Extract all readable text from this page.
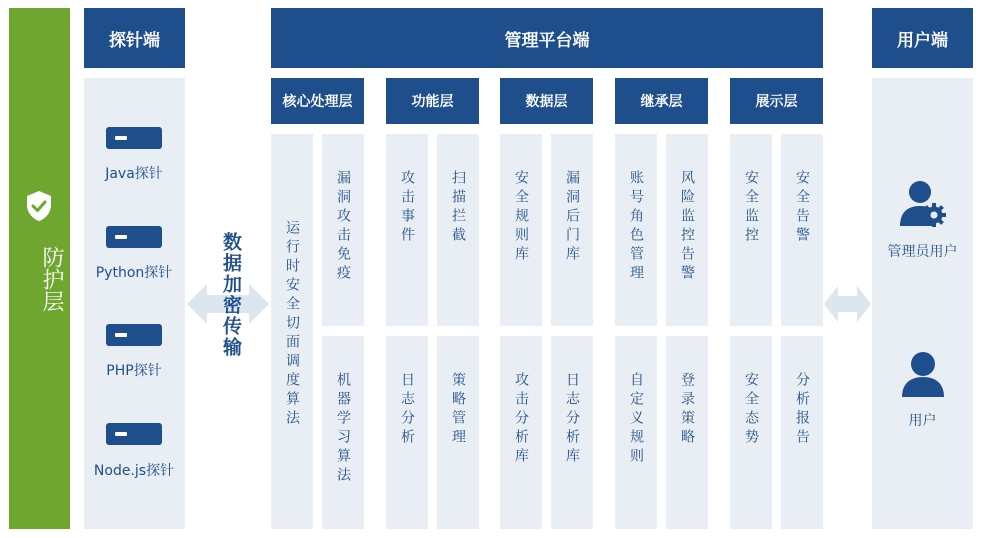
防护层
探针端
Java探针
Python探针
PHP探针
Node.js探针
数据加密传输
管理平台端
核心处理层
运行时安全切面调度算法	漏洞攻击免疫
机器学习算法
功能层
攻击事件	扫描拦截
日志分析	策略管理
数据层
安全规则库	漏洞后门库
攻击分析库	日志分析库
继承层
账号角色管理	风险监控告警
自定义规则	登录策略
展示层
安全监控	安全告警
安全态势	分析报告
用户端
管理员用户
用户
